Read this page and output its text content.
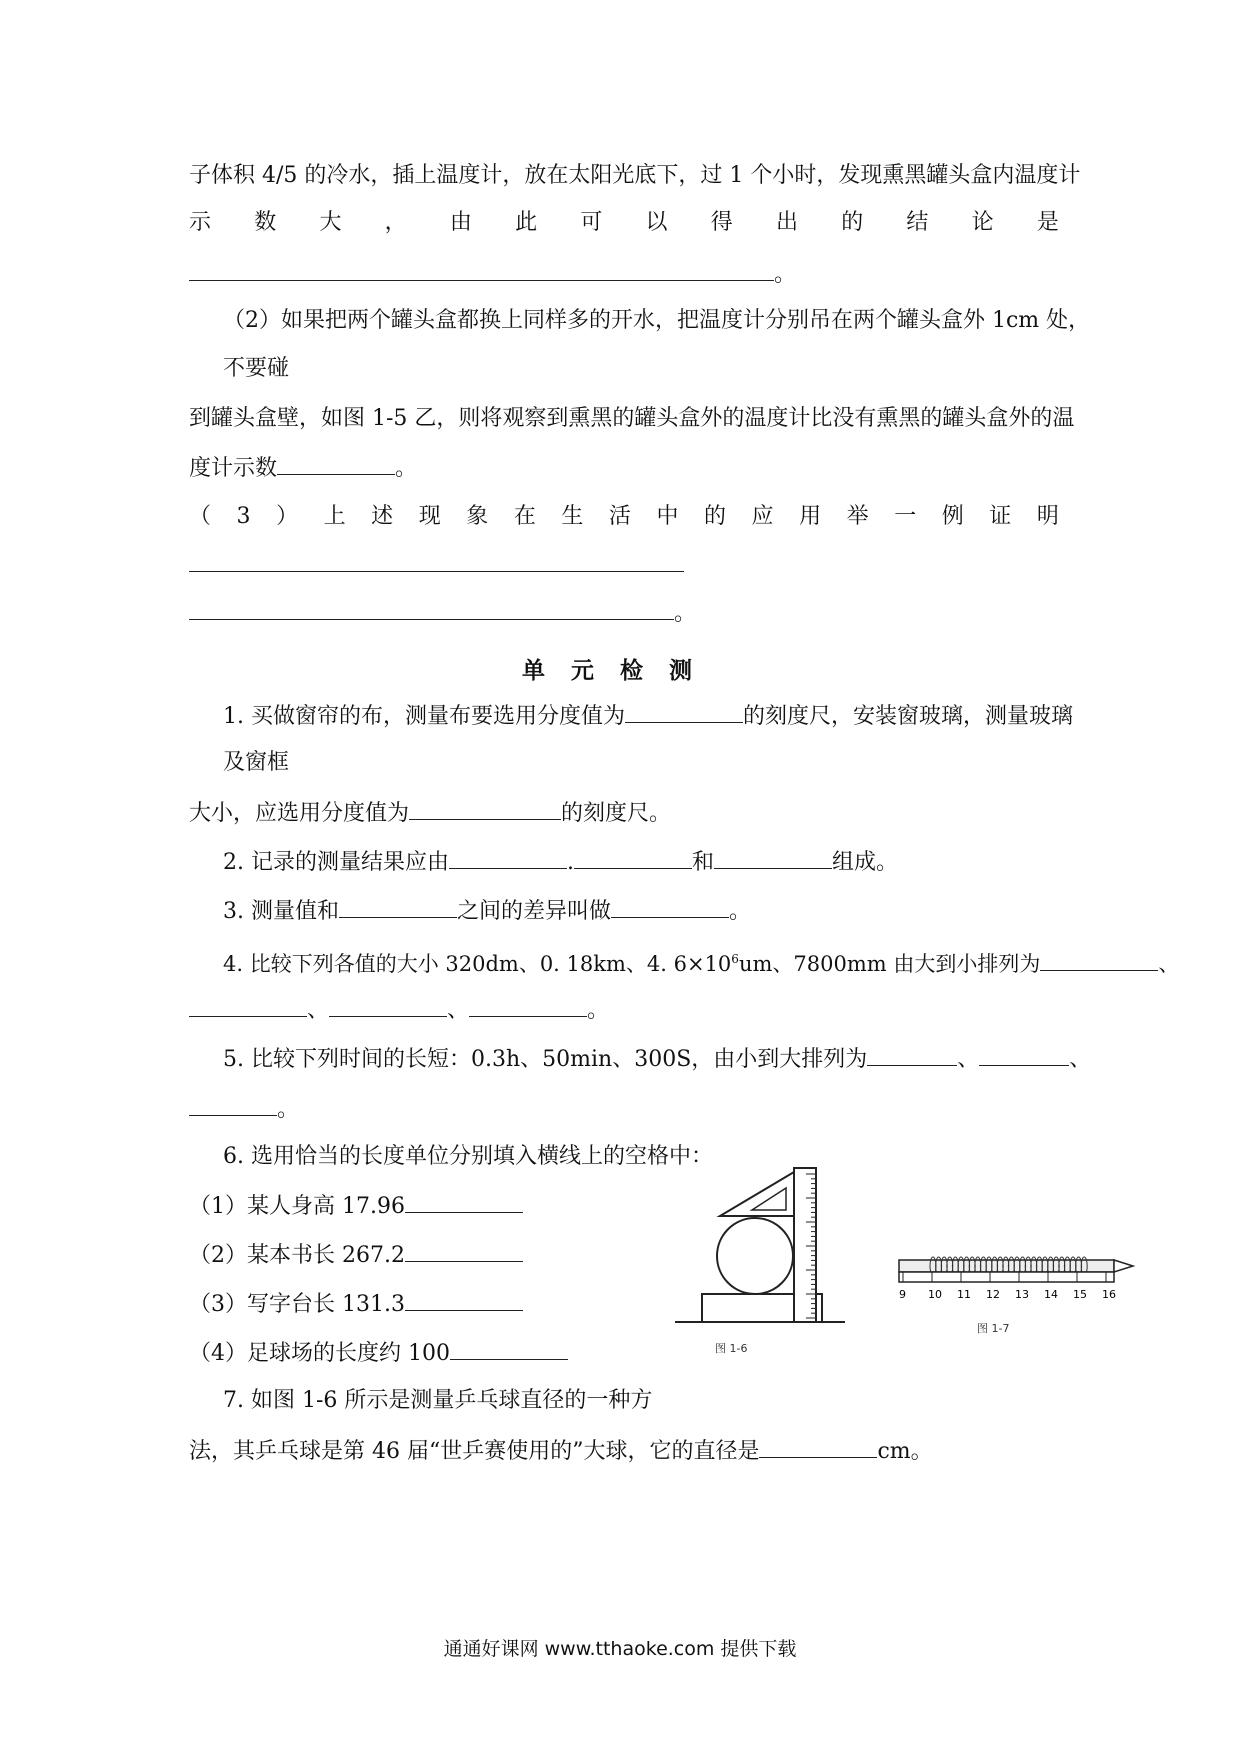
子体积 4/5 的冷水，插上温度计，放在太阳光底下，过 1 个小时，发现熏黑罐头盒内温度计
示 数 大 ， 由 此 可 以 得 出 的 结 论 是
。
（2）如果把两个罐头盒都换上同样多的开水，把温度计分别吊在两个罐头盒外 1cm 处，
不要碰
到罐头盒壁，如图 1-5 乙，则将观察到熏黑的罐头盒外的温度计比没有熏黑的罐头盒外的温
度计示数	。
（ 3 ） 上 述 现 象 在 生 活 中 的 应 用 举 一 例 证 明
。
单元检测
1. 买做窗帘的布，测量布要选用分度值为	的刻度尺，安装窗玻璃，测量玻璃
及窗框
大小，应选用分度值为	的刻度尺。
2. 记录的测量结果应由	.	和	组成。
3. 测量值和	之间的差异叫做	。
4. 比较下列各值的大小 320dm、0. 18km、4. $6\times 10^6um$、7800mm 由大到小排列为	、
、	、	。
5. 比较下列时间的长短：0.3h、50min、300S，由小到大排列为	、	、
。
6. 选用恰当的长度单位分别填入横线上的空格中：
（1）某人身高 17.96
（2）某本书长 267.2
（3）写字台长 131.3
（4）足球场的长度约 100
7. 如图 1-6 所示是测量乒乓球直径的一种方
法，其乒乓球是第 46 届“世乒赛使用的”大球，它的直径是	cm。
图 1-6
9 10 11 12 13 14 15 16
图 1-7
通通好课网 www.tthaoke.com 提供下载
